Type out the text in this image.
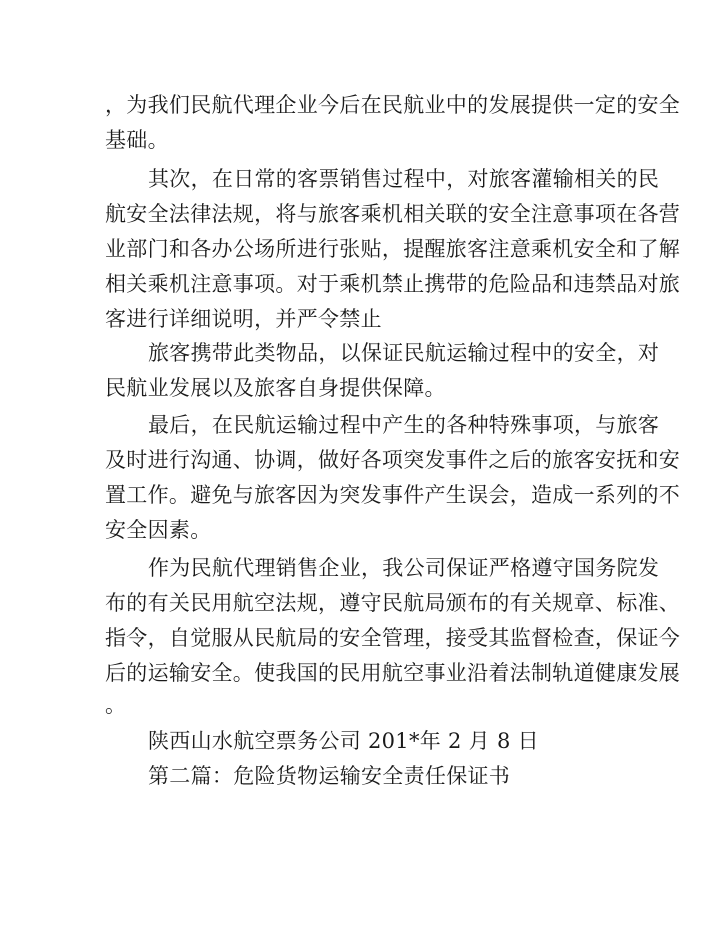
，为我们民航代理企业今后在民航业中的发展提供一定的安全
基础。
其次，在日常的客票销售过程中，对旅客灌输相关的民
航安全法律法规，将与旅客乘机相关联的安全注意事项在各营
业部门和各办公场所进行张贴，提醒旅客注意乘机安全和了解
相关乘机注意事项。对于乘机禁止携带的危险品和违禁品对旅
客进行详细说明，并严令禁止
旅客携带此类物品，以保证民航运输过程中的安全，对
民航业发展以及旅客自身提供保障。
最后，在民航运输过程中产生的各种特殊事项，与旅客
及时进行沟通、协调，做好各项突发事件之后的旅客安抚和安
置工作。避免与旅客因为突发事件产生误会，造成一系列的不
安全因素。
作为民航代理销售企业，我公司保证严格遵守国务院发
布的有关民用航空法规，遵守民航局颁布的有关规章、标准、
指令，自觉服从民航局的安全管理，接受其监督检查，保证今
后的运输安全。使我国的民用航空事业沿着法制轨道健康发展
。
陕西山水航空票务公司 201*年 2 月 8 日
第二篇：危险货物运输安全责任保证书
